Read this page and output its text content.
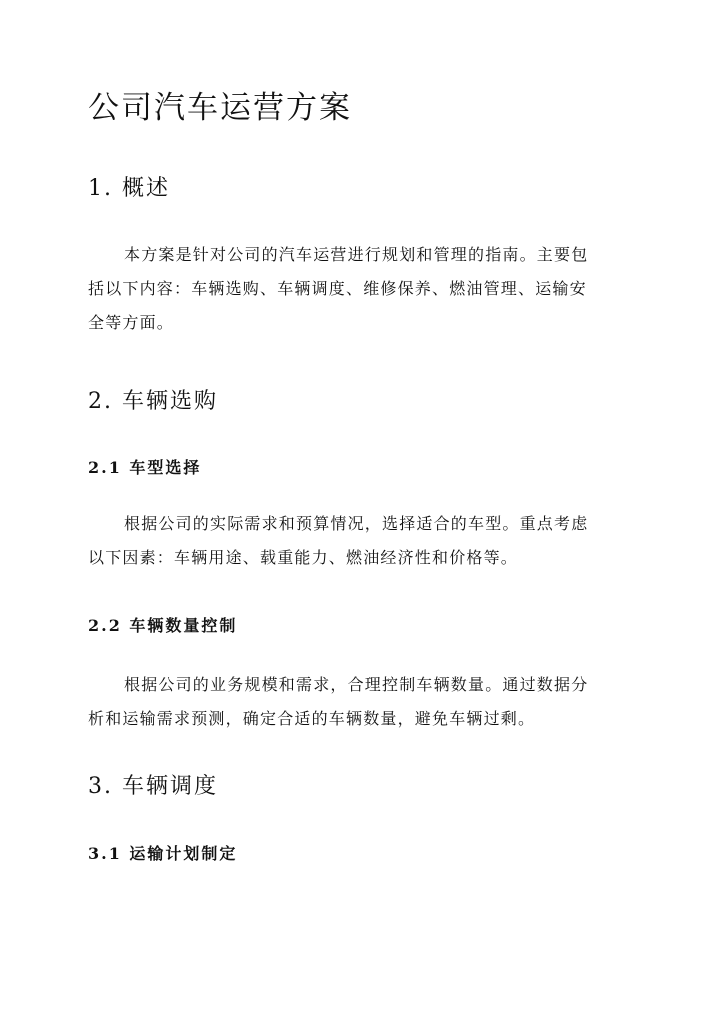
公司汽车运营方案
1. 概述
本方案是针对公司的汽车运营进行规划和管理的指南。主要包
括以下内容：车辆选购、车辆调度、维修保养、燃油管理、运输安
全等方面。
2. 车辆选购
2.1 车型选择
根据公司的实际需求和预算情况，选择适合的车型。重点考虑
以下因素：车辆用途、载重能力、燃油经济性和价格等。
2.2 车辆数量控制
根据公司的业务规模和需求，合理控制车辆数量。通过数据分
析和运输需求预测，确定合适的车辆数量，避免车辆过剩。
3. 车辆调度
3.1 运输计划制定
